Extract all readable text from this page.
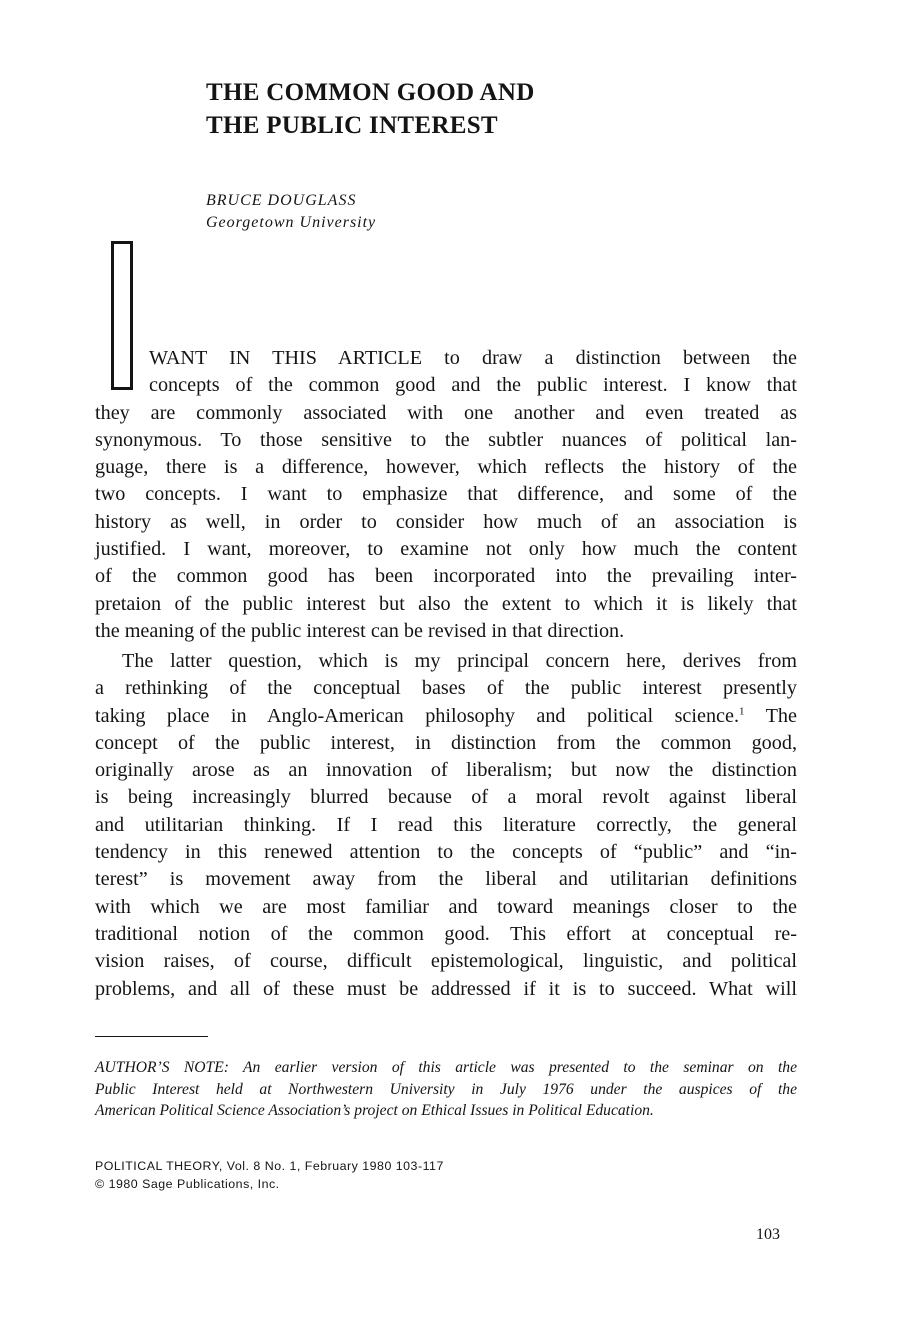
THE COMMON GOOD AND
THE PUBLIC INTEREST
BRUCE DOUGLASS
Georgetown University
WANT IN THIS ARTICLE to draw a distinction between the
concepts of the common good and the public interest. I know that
they are commonly associated with one another and even treated as
synonymous. To those sensitive to the subtler nuances of political lan-
guage, there is a difference, however, which reflects the history of the
two concepts. I want to emphasize that difference, and some of the
history as well, in order to consider how much of an association is
justified. I want, moreover, to examine not only how much the content
of the common good has been incorporated into the prevailing inter-
pretaion of the public interest but also the extent to which it is likely that
the meaning of the public interest can be revised in that direction.
The latter question, which is my principal concern here, derives from
a rethinking of the conceptual bases of the public interest presently
taking place in Anglo-American philosophy and political science.$^1$ The
concept of the public interest, in distinction from the common good,
originally arose as an innovation of liberalism; but now the distinction
is being increasingly blurred because of a moral revolt against liberal
and utilitarian thinking. If I read this literature correctly, the general
tendency in this renewed attention to the concepts of “public” and “in-
terest” is movement away from the liberal and utilitarian definitions
with which we are most familiar and toward meanings closer to the
traditional notion of the common good. This effort at conceptual re-
vision raises, of course, difficult epistemological, linguistic, and political
problems, and all of these must be addressed if it is to succeed. What will
AUTHOR’S NOTE: An earlier version of this article was presented to the seminar on the
Public Interest held at Northwestern University in July 1976 under the auspices of the
American Political Science Association’s project on Ethical Issues in Political Education.
POLITICAL THEORY, Vol. 8 No. 1, February 1980 103-117
© 1980 Sage Publications, Inc.
103
